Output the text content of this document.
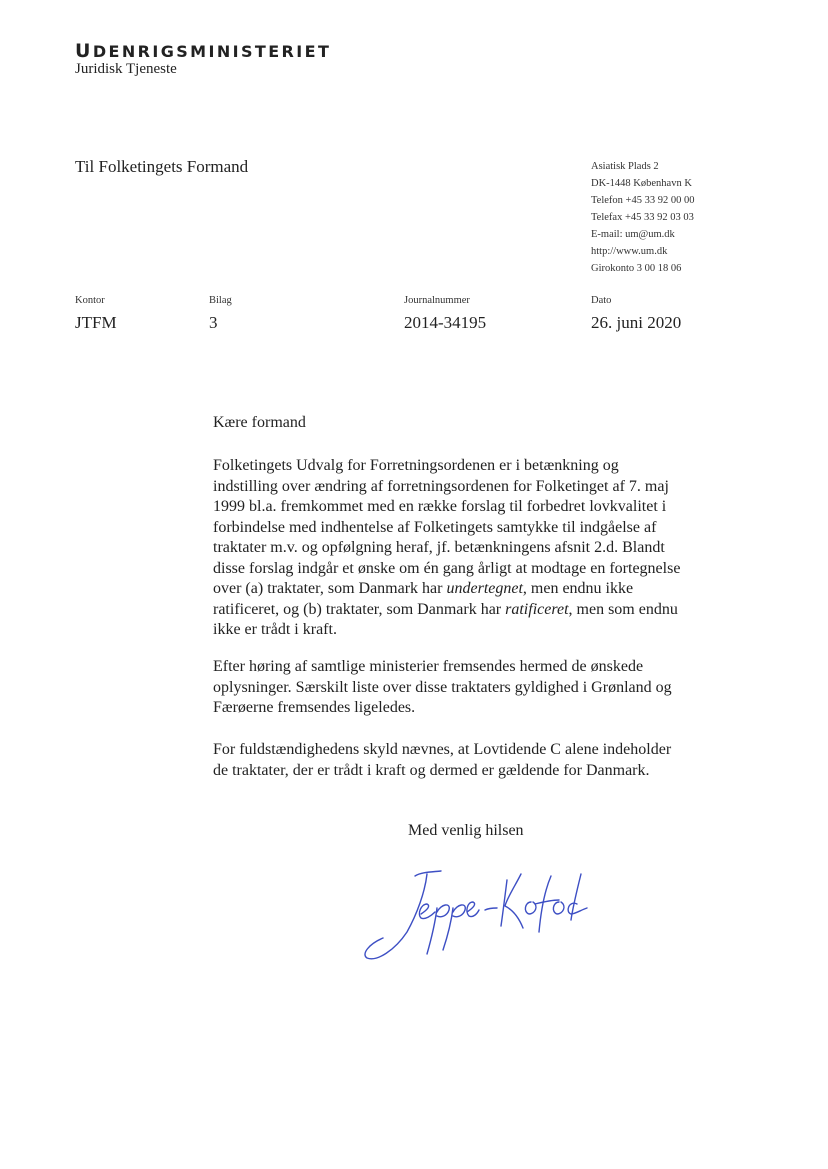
UDENRIGSMINISTERIET
Juridisk Tjeneste
Til Folketingets Formand	Asiatisk Plads 2
DK-1448 København K
Telefon +45 33 92 00 00
Telefax +45 33 92 03 03
E-mail: um@um.dk
http://www.um.dk
Girokonto 3 00 18 06
Kontor
JTFM
Bilag
3
Journalnummer
2014-34195
Dato
26. juni 2020
Kære formand

Folketingets Udvalg for Forretningsordenen er i betænkning og

indstilling over ændring af forretningsordenen for Folketinget af 7. maj

1999 bl.a. fremkommet med en række forslag til forbedret lovkvalitet i

forbindelse med indhentelse af Folketingets samtykke til indgåelse af

traktater m.v. og opfølgning heraf, jf. betænkningens afsnit 2.d. Blandt

disse forslag indgår et ønske om én gang årligt at modtage en fortegnelse

over (a) traktater, som Danmark har undertegnet, men endnu ikke

ratificeret, og (b) traktater, som Danmark har ratificeret, men som endnu

ikke er trådt i kraft.

Efter høring af samtlige ministerier fremsendes hermed de ønskede

oplysninger. Særskilt liste over disse traktaters gyldighed i Grønland og

Færøerne fremsendes ligeledes.

For fuldstændighedens skyld nævnes, at Lovtidende C alene indeholder

de traktater, der er trådt i kraft og dermed er gældende for Danmark.

Med venlig hilsen
